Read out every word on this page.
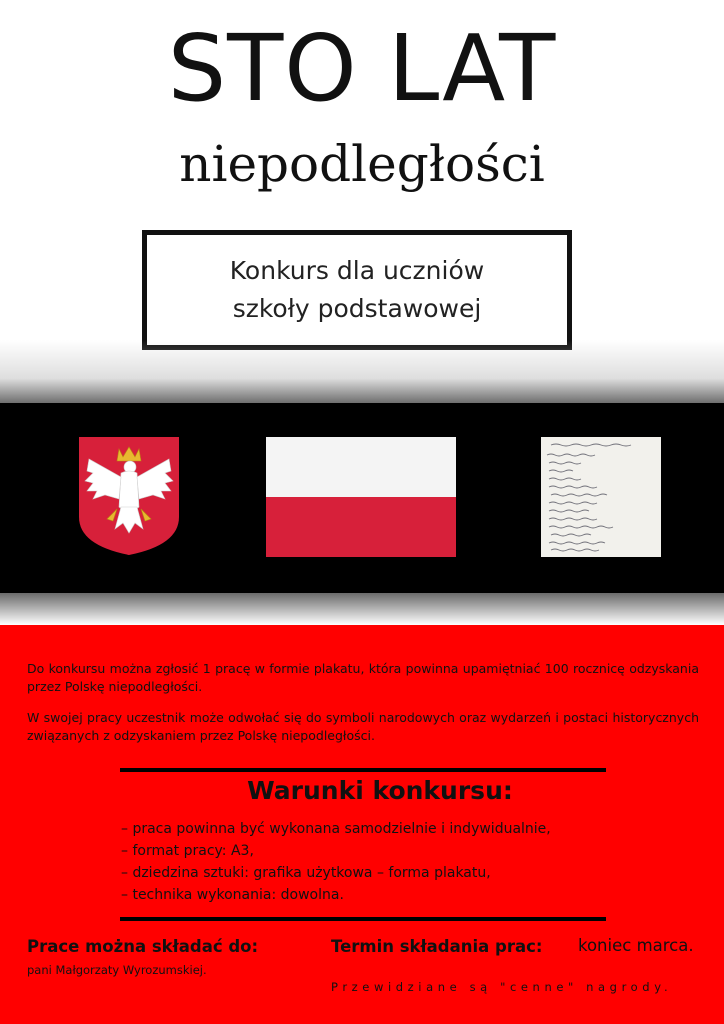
STO LAT
niepodległości
Konkurs dla uczniów
szkoły podstawowej

Do konkursu można zgłosić 1 pracę w formie plakatu, która powinna upamiętniać 100 rocznicę odzyskania przez Polskę niepodległości.

W swojej pracy uczestnik może odwołać się do symboli narodowych oraz wydarzeń i postaci historycznych związanych z odzyskaniem przez Polskę niepodległości.

Warunki konkursu:
– praca powinna być wykonana samodzielnie i indywidualnie,
– format pracy: A3,
– dziedzina sztuki: grafika użytkowa – forma plakatu,
– technika wykonania: dowolna.
Prace można składać do:
pani Małgorzaty Wyrozumskiej.
Termin składania prac: koniec marca.
Przewidziane są "cenne" nagrody.
